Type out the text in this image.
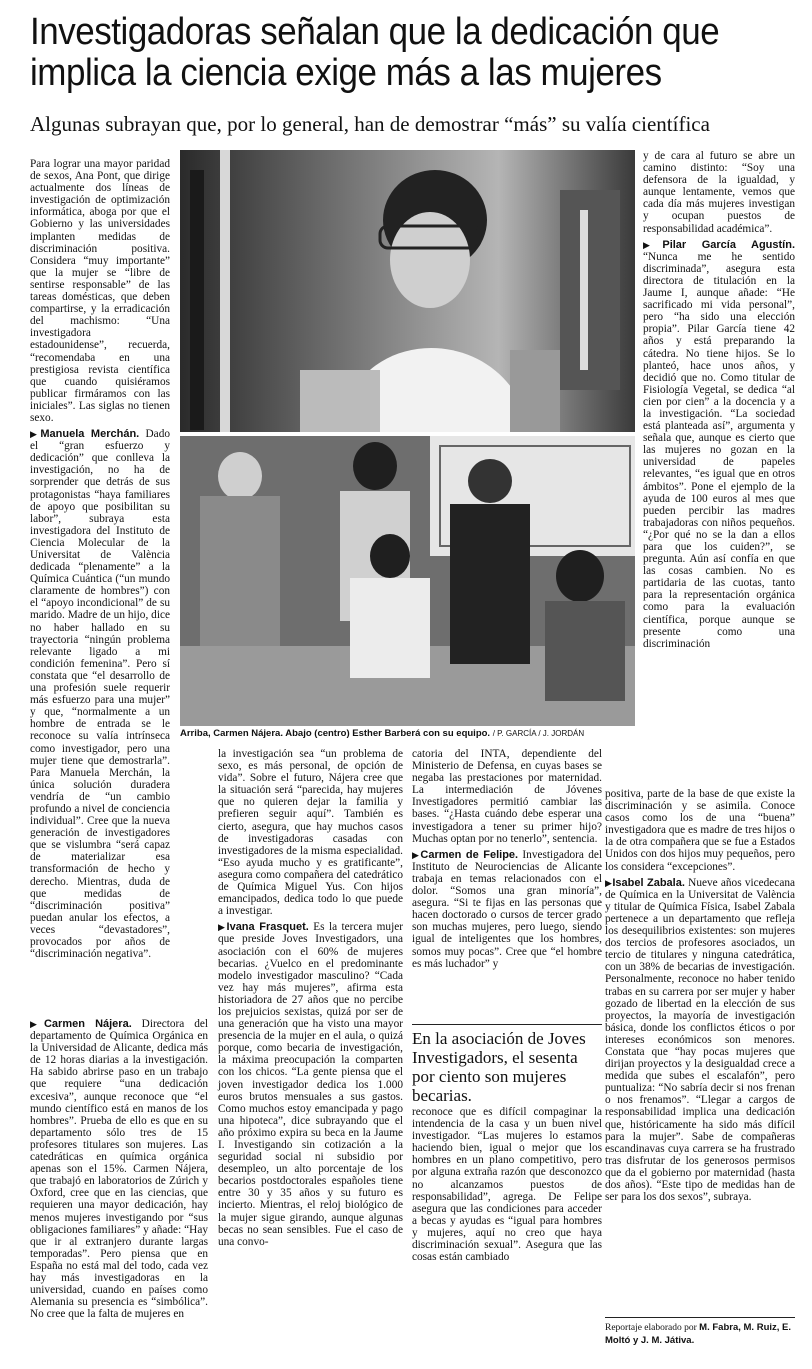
Investigadoras señalan que la dedicación que implica la ciencia exige más a las mujeres

Algunas subrayan que, por lo general, han de demostrar “más” su valía científica

Arriba, Carmen Nájera. Abajo (centro) Esther Barberá con su equipo. / P. GARCÍA / J. JORDÁN

Para lograr una mayor paridad de sexos, Ana Pont, que dirige actualmente dos líneas de investigación de optimización informática, aboga por que el Gobierno y las universidades implanten medidas de discriminación positiva. Considera “muy importante” que la mujer se “libre de sentirse responsable” de las tareas domésticas, que deben compartirse, y la erradicación del machismo: “Una investigadora estadounidense”, recuerda, “recomendaba en una prestigiosa revista científica que cuando quisiéramos publicar firmáramos con las iniciales”. Las siglas no tienen sexo.

▶ Manuela Merchán. Dado el “gran esfuerzo y dedicación” que conlleva la investigación, no ha de sorprender que detrás de sus protagonistas “haya familiares de apoyo que posibilitan su labor”, subraya esta investigadora del Instituto de Ciencia Molecular de la Universitat de València dedicada “plenamente” a la Química Cuántica (“un mundo claramente de hombres”) con el “apoyo incondicional” de su marido. Madre de un hijo, dice no haber hallado en su trayectoria “ningún problema relevante ligado a mi condición femenina”. Pero sí constata que “el desarrollo de una profesión suele requerir más esfuerzo para una mujer” y que, “normalmente a un hombre de entrada se le reconoce su valía intrínseca como investigador, pero una mujer tiene que demostrarla”. Para Manuela Merchán, la única solución duradera vendría de “un cambio profundo a nivel de conciencia individual”. Cree que la nueva generación de investigadores que se vislumbra “será capaz de materializar esa transformación de hecho y derecho. Mientras, duda de que medidas de “discriminación positiva” puedan anular los efectos, a veces “devastadores”, provocados por años de “discriminación negativa”.

▶ Carmen Nájera. Directora del departamento de Química Orgánica en la Universidad de Alicante, dedica más de 12 horas diarias a la investigación. Ha sabido abrirse paso en un trabajo que requiere “una dedicación excesiva”, aunque reconoce que “el mundo científico está en manos de los hombres”. Prueba de ello es que en su departamento sólo tres de 15 profesores titulares son mujeres. Las catedráticas en química orgánica apenas son el 15%. Carmen Nájera, que trabajó en laboratorios de Zúrich y Oxford, cree que en las ciencias, que requieren una mayor dedicación, hay menos mujeres investigando por “sus obligaciones familiares” y añade: “Hay que ir al extranjero durante largas temporadas”. Pero piensa que en España no está mal del todo, cada vez hay más investigadoras en la universidad, cuando en países como Alemania su presencia es “simbólica”. No cree que la falta de mujeres en

la investigación sea “un problema de sexo, es más personal, de opción de vida”. Sobre el futuro, Nájera cree que la situación será “parecida, hay mujeres que no quieren dejar la familia y prefieren seguir aquí”. También es cierto, asegura, que hay muchos casos de investigadoras casadas con investigadores de la misma especialidad. “Eso ayuda mucho y es gratificante”, asegura como compañera del catedrático de Química Miguel Yus. Con hijos emancipados, dedica todo lo que puede a investigar.

▶ Ivana Frasquet. Es la tercera mujer que preside Joves Investigadors, una asociación con el 60% de mujeres becarias. ¿Vuelco en el predominante modelo investigador masculino? “Cada vez hay más mujeres”, afirma esta historiadora de 27 años que no percibe los prejuicios sexistas, quizá por ser de una generación que ha visto una mayor presencia de la mujer en el aula, o quizá porque, como becaria de investigación, la máxima preocupación la comparten con los chicos. “La gente piensa que el joven investigador dedica los 1.000 euros brutos mensuales a sus gastos. Como muchos estoy emancipada y pago una hipoteca”, dice subrayando que el año próximo expira su beca en la Jaume I. Investigando sin cotización a la seguridad social ni subsidio por desempleo, un alto porcentaje de los becarios postdoctorales españoles tiene entre 30 y 35 años y su futuro es incierto. Mientras, el reloj biológico de la mujer sigue girando, aunque algunas becas no sean sensibles. Fue el caso de una convo-

catoria del INTA, dependiente del Ministerio de Defensa, en cuyas bases se negaba las prestaciones por maternidad. La intermediación de Jóvenes Investigadores permitió cambiar las bases. “¿Hasta cuándo debe esperar una investigadora a tener su primer hijo? Muchas optan por no tenerlo”, sentencia.

▶ Carmen de Felipe. Investigadora del Instituto de Neurociencias de Alicante trabaja en temas relacionados con el dolor. “Somos una gran minoría”, asegura. “Si te fijas en las personas que hacen doctorado o cursos de tercer grado son muchas mujeres, pero luego, siendo igual de inteligentes que los hombres, somos muy pocas”. Cree que “el hombre es más luchador” y

En la asociación de Joves Investigadors, el sesenta por ciento son mujeres becarias.

reconoce que es difícil compaginar la intendencia de la casa y un buen nivel investigador. “Las mujeres lo estamos haciendo bien, igual o mejor que los hombres en un plano competitivo, pero por alguna extraña razón que desconozco no alcanzamos puestos de responsabilidad”, agrega. De Felipe asegura que las condiciones para acceder a becas y ayudas es “igual para hombres y mujeres, aquí no creo que haya discriminación sexual”. Asegura que las cosas están cambiado

y de cara al futuro se abre un camino distinto: “Soy una defensora de la igualdad, y aunque lentamente, vemos que cada día más mujeres investigan y ocupan puestos de responsabilidad académica”.

▶ Pilar García Agustín. “Nunca me he sentido discriminada”, asegura esta directora de titulación en la Jaume I, aunque añade: “He sacrificado mi vida personal”, pero “ha sido una elección propia”. Pilar García tiene 42 años y está preparando la cátedra. No tiene hijos. Se lo planteó, hace unos años, y decidió que no. Como titular de Fisiología Vegetal, se dedica “al cien por cien” a la docencia y a la investigación. “La sociedad está planteada así”, argumenta y señala que, aunque es cierto que las mujeres no gozan en la universidad de papeles relevantes, “es igual que en otros ámbitos”. Pone el ejemplo de la ayuda de 100 euros al mes que pueden percibir las madres trabajadoras con niños pequeños. “¿Por qué no se la dan a ellos para que los cuiden?”, se pregunta. Aún así confía en que las cosas cambien. No es partidaria de las cuotas, tanto para la representación orgánica como para la evaluación científica, porque aunque se presente como una discriminación

positiva, parte de la base de que existe la discriminación y se asimila. Conoce casos como los de una “buena” investigadora que es madre de tres hijos o la de otra compañera que se fue a Estados Unidos con dos hijos muy pequeños, pero los considera “excepciones”.

▶ Isabel Zabala. Nueve años vicedecana de Química en la Universitat de València y titular de Química Física, Isabel Zabala pertenece a un departamento que refleja los desequilibrios existentes: son mujeres dos tercios de profesores asociados, un tercio de titulares y ninguna catedrática, con un 38% de becarias de investigación. Personalmente, reconoce no haber tenido trabas en su carrera por ser mujer y haber gozado de libertad en la elección de sus proyectos, la mayoría de investigación básica, donde los conflictos éticos o por intereses económicos son menores. Constata que “hay pocas mujeres que dirijan proyectos y la desigualdad crece a medida que subes el escalafón”, pero puntualiza: “No sabría decir si nos frenan o nos frenamos”. “Llegar a cargos de responsabilidad implica una dedicación que, históricamente ha sido más difícil para la mujer”. Sabe de compañeras escandinavas cuya carrera se ha frustrado tras disfrutar de los generosos permisos que da el gobierno por maternidad (hasta dos años). “Este tipo de medidas han de ser para los dos sexos”, subraya.

Reportaje elaborado por M. Fabra, M. Ruiz, E. Moltó y J. M. Játiva.
